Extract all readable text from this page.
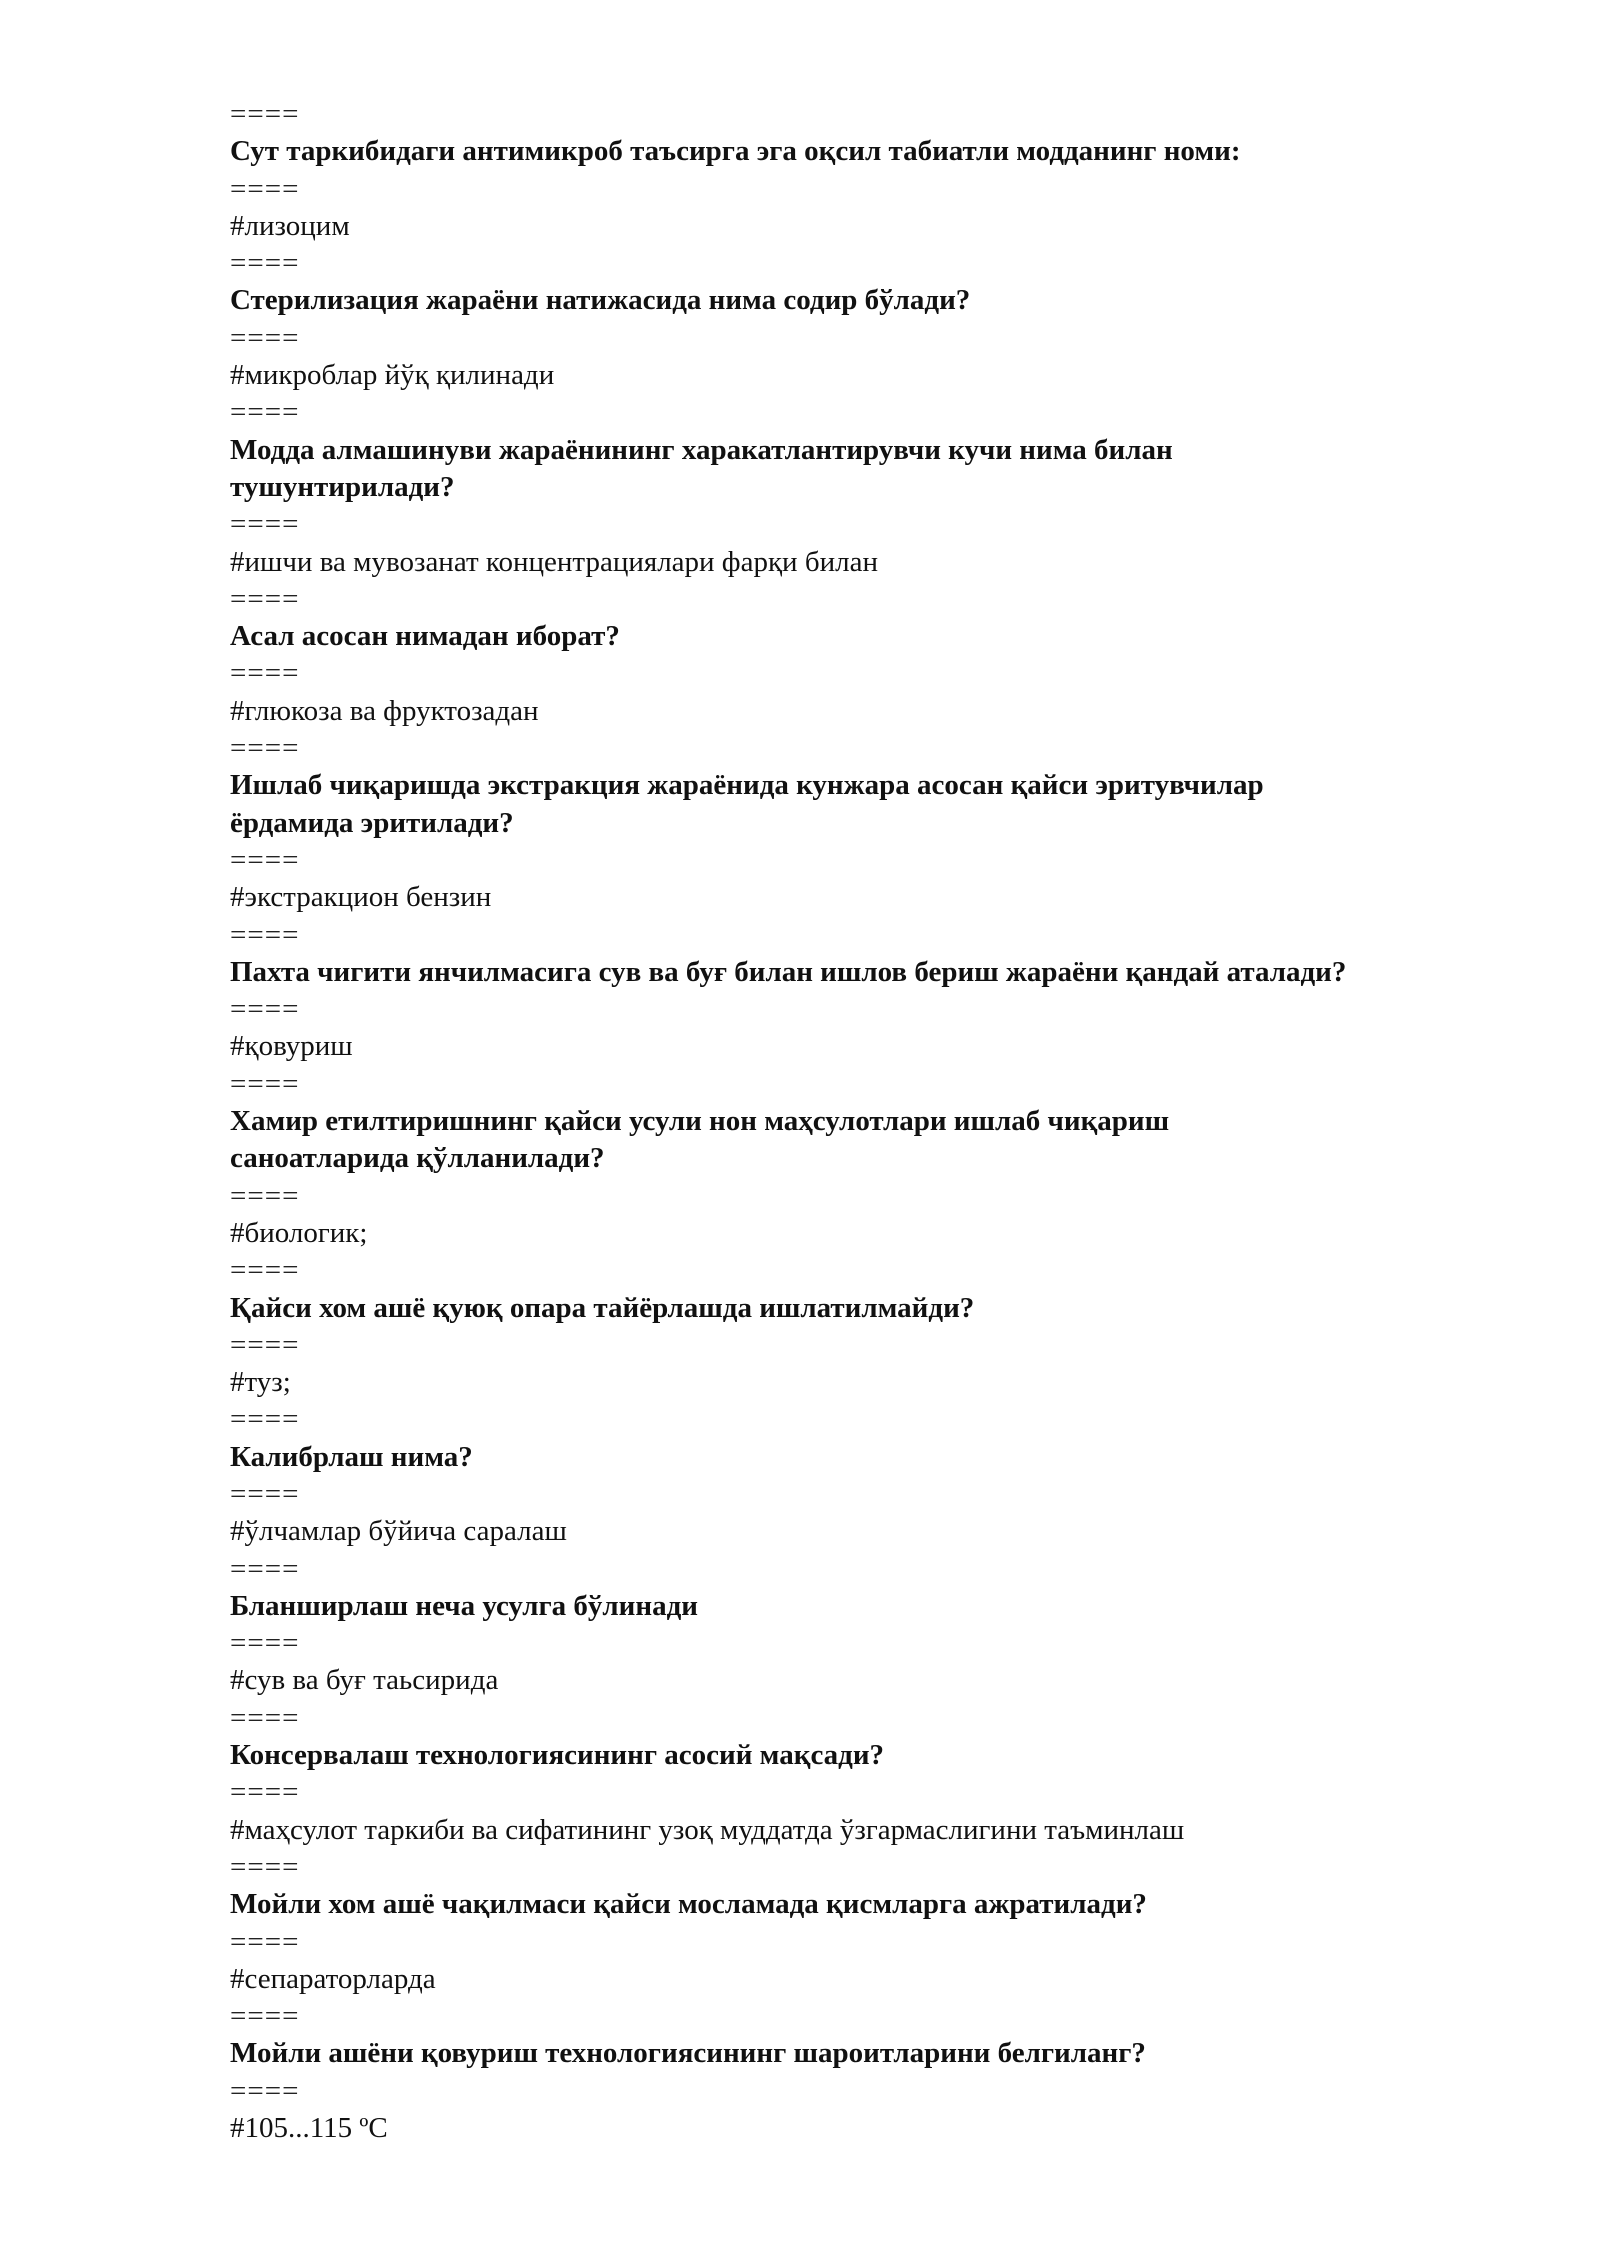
====
Сут таркибидаги антимикроб таъсирга эга оқсил табиатли модданинг номи:
====
#лизоцим
====
Стерилизация жараёни натижасида нима содир бўлади?
====
#микроблар йўқ қилинади
====
Модда алмашинуви жараёнининг харакатлантирувчи кучи нима билан тушунтирилади?
====
#ишчи ва мувозанат концентрациялари фарқи билан
====
Асал асосан нимадан иборат?
====
#глюкоза ва фруктозадан
====
Ишлаб чиқаришда экстракция жараёнида кунжара асосан қайси эритувчилар ёрдамида эритилади?
====
#экстракцион бензин
====
Пахта чигити янчилмасига сув ва буғ билан ишлов бериш жараёни қандай аталади?
====
#қовуриш
====
Хамир етилтиришнинг қайси усули нон маҳсулотлари ишлаб чиқариш саноатларида қўлланилади?
====
#биологик;
====
Қайси хом ашё қуюқ опара тайёрлашда ишлатилмайди?
====
#туз;
====
Калибрлаш нима?
====
#ўлчамлар бўйича саралаш
====
Бланширлаш неча усулга бўлинади
====
#сув ва буғ таьсирида
====
Консервалаш технологиясининг асосий мақсади?
====
#маҳсулот таркиби ва сифатининг узоқ муддатда ўзгармаслигини таъминлаш
====
Мойли хом ашё чақилмаси қайси мосламада қисмларга ажратилади?
====
#сепараторларда
====
Мойли ашёни қовуриш технологиясининг шароитларини белгиланг?
====
#105...115 ºС
